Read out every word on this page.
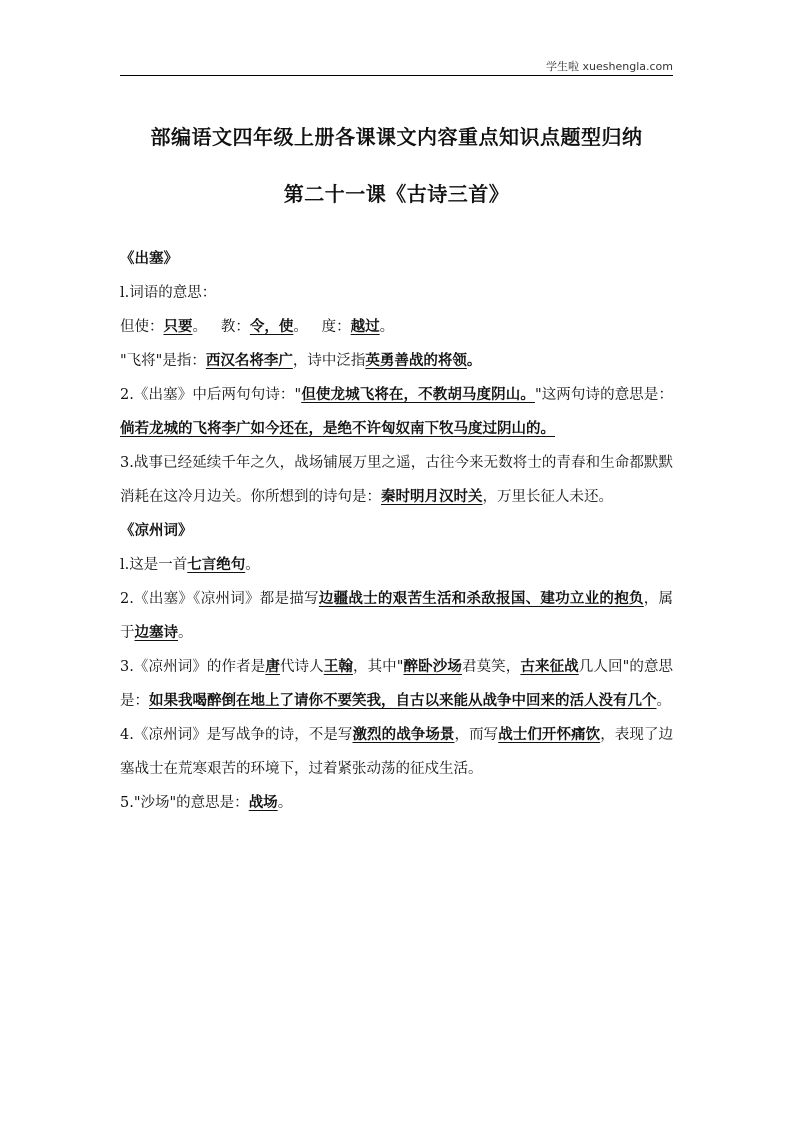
学生啦 xueshengla.com
部编语文四年级上册各课课文内容重点知识点题型归纳
第二十一课《古诗三首》

《出塞》

l.词语的意思：

但使：只要。 教：令，使。 度：越过。

"飞将"是指：西汉名将李广，诗中泛指英勇善战的将领。

2.《出塞》中后两句句诗："但使龙城飞将在，不教胡马度阴山。"这两句诗的意思是：倘若龙城的飞将李广如今还在，是绝不许匈奴南下牧马度过阴山的。

3.战事已经延续千年之久，战场铺展万里之遥，古往今来无数将士的青春和生命都默默消耗在这冷月边关。你所想到的诗句是：秦时明月汉时关，万里长征人未还。

《凉州词》

l.这是一首七言绝句。

2.《出塞》《凉州词》都是描写边疆战士的艰苦生活和杀敌报国、建功立业的抱负，属于边塞诗。

3.《凉州词》的作者是唐代诗人王翰，其中"醉卧沙场君莫笑，古来征战几人回"的意思是：如果我喝醉倒在地上了请你不要笑我，自古以来能从战争中回来的活人没有几个。

4.《凉州词》是写战争的诗，不是写激烈的战争场景，而写战士们开怀痛饮，表现了边塞战士在荒寒艰苦的环境下，过着紧张动荡的征戍生活。

5."沙场"的意思是：战场。
